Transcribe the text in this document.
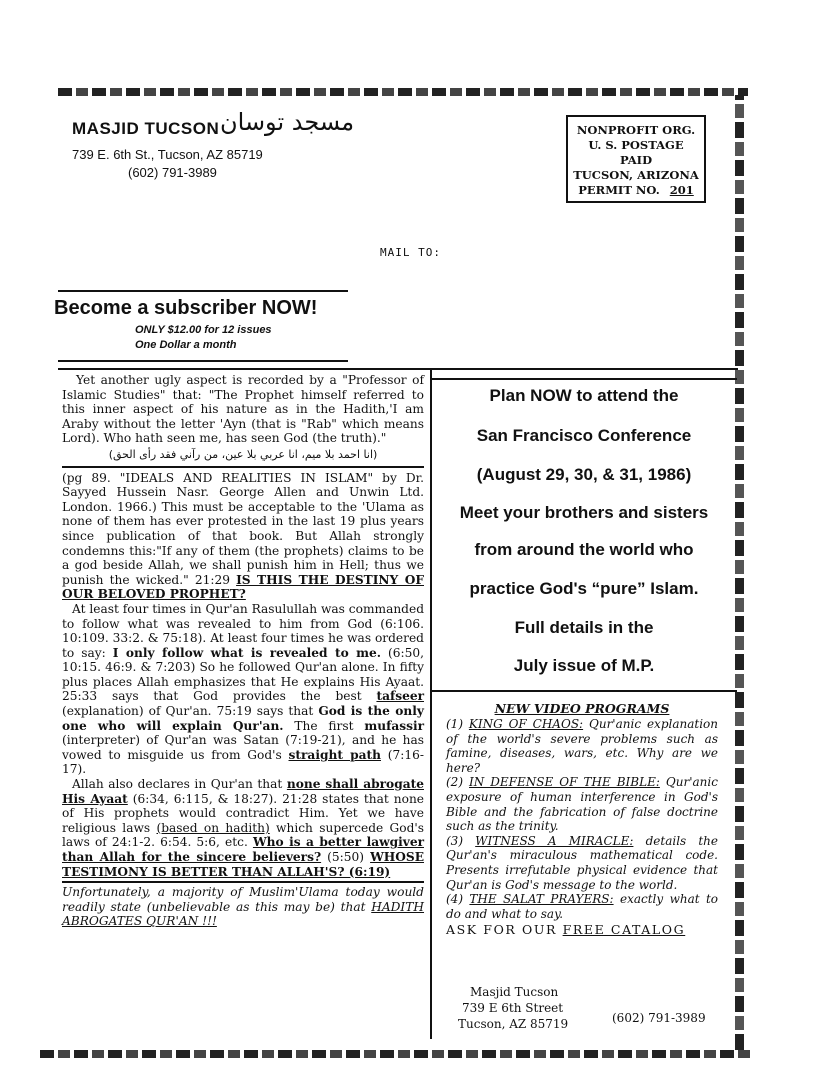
MASJID TUCSON مسجد توسان
739 E. 6th St., Tucson, AZ 85719
(602) 791-3989
NONPROFIT ORG.
U. S. POSTAGE
PAID
TUCSON, ARIZONA
PERMIT NO. 201
MAIL TO:
Become a subscriber NOW!
ONLY $12.00 for 12 issues
One Dollar a month

Yet another ugly aspect is recorded by a "Professor of Islamic Studies" that: "The Prophet himself referred to this inner aspect of his nature as in the Hadith,'I am Araby without the letter 'Ayn (that is "Rab" which means Lord). Who hath seen me, has seen God (the truth)."

(انا احمد بلا ميم، انا عربي بلا عين، من رآني فقد رأى الحق)

(pg 89. "IDEALS AND REALITIES IN ISLAM" by Dr. Sayyed Hussein Nasr. George Allen and Unwin Ltd. London. 1966.) This must be acceptable to the 'Ulama as none of them has ever protested in the last 19 plus years since publication of that book. But Allah strongly condemns this:"If any of them (the prophets) claims to be a god beside Allah, we shall punish him in Hell; thus we punish the wicked." 21:29 IS THIS THE DESTINY OF OUR BELOVED PROPHET?

At least four times in Qur'an Rasulullah was commanded to follow what was revealed to him from God (6:106. 10:109. 33:2. & 75:18). At least four times he was ordered to say: I only follow what is revealed to me. (6:50, 10:15. 46:9. & 7:203) So he followed Qur'an alone. In fifty plus places Allah emphasizes that He explains His Ayaat. 25:33 says that God provides the best tafseer (explanation) of Qur'an. 75:19 says that God is the only one who will explain Qur'an. The first mufassir (interpreter) of Qur'an was Satan (7:19-21), and he has vowed to misguide us from God's straight path (7:16-17).

Allah also declares in Qur'an that none shall abrogate His Ayaat (6:34, 6:115, & 18:27). 21:28 states that none of His prophets would contradict Him. Yet we have religious laws (based on hadith) which supercede God's laws of 24:1-2. 6:54. 5:6, etc. Who is a better lawgiver than Allah for the sincere believers? (5:50) WHOSE TESTIMONY IS BETTER THAN ALLAH'S? (6:19)

Unfortunately, a majority of Muslim'Ulama today would readily state (unbelievable as this may be) that HADITH ABROGATES QUR'AN !!!

Plan NOW to attend the
San Francisco Conference
(August 29, 30, & 31, 1986)
Meet your brothers and sisters
from around the world who
practice God's “pure” Islam.
Full details in the
July issue of M.P.
NEW VIDEO PROGRAMS
(1) KING OF CHAOS: Qur'anic explanation of the world's severe problems such as famine, diseases, wars, etc. Why are we here?
(2) IN DEFENSE OF THE BIBLE: Qur'anic exposure of human interference in God's Bible and the fabrication of false doctrine such as the trinity.
(3) WITNESS A MIRACLE: details the Qur'an's miraculous mathematical code. Presents irrefutable physical evidence that Qur'an is God's message to the world.
(4) THE SALAT PRAYERS: exactly what to do and what to say.
ASK FOR OUR FREE CATALOG
Masjid Tucson
739 E 6th Street
Tucson, AZ 85719	(602) 791-3989
